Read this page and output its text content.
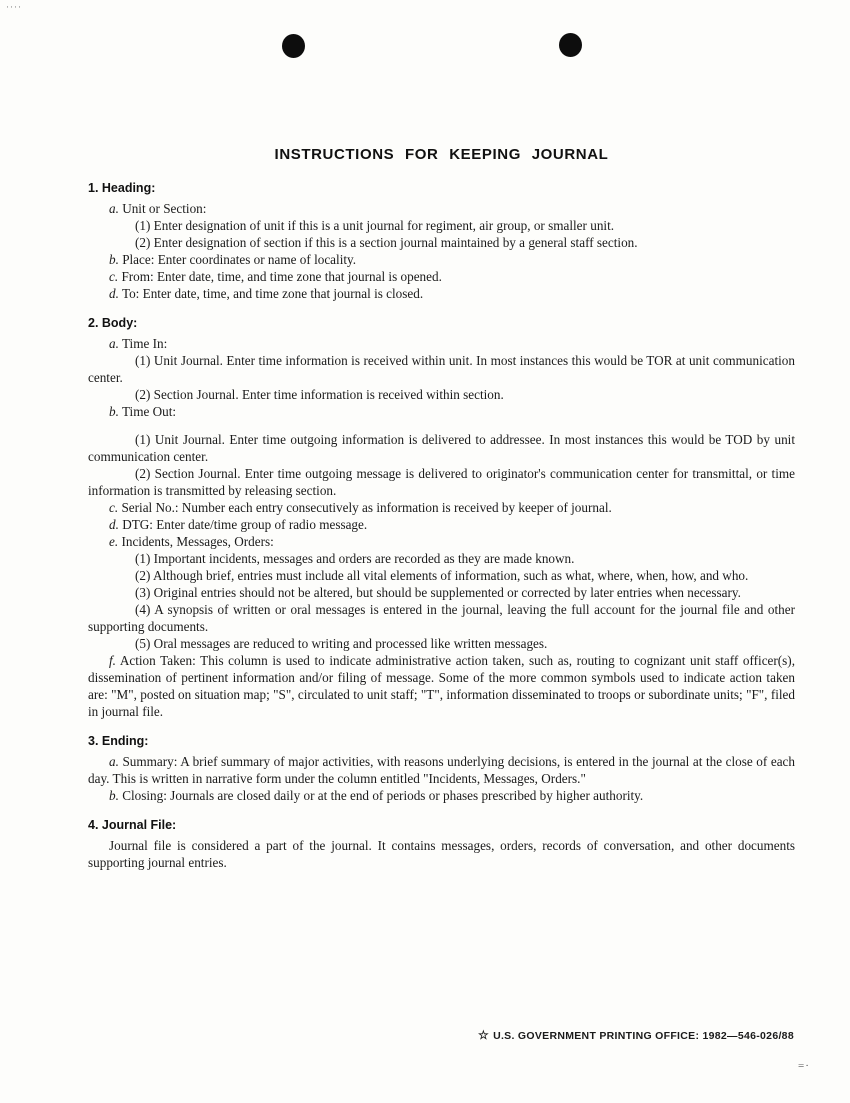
····
INSTRUCTIONS FOR KEEPING JOURNAL
1. Heading:

a. Unit or Section:

(1) Enter designation of unit if this is a unit journal for regiment, air group, or smaller unit.

(2) Enter designation of section if this is a section journal maintained by a general staff section.

b. Place: Enter coordinates or name of locality.

c. From: Enter date, time, and time zone that journal is opened.

d. To: Enter date, time, and time zone that journal is closed.

2. Body:

a. Time In:

(1) Unit Journal. Enter time information is received within unit. In most instances this would be TOR at unit communication center.

(2) Section Journal. Enter time information is received within section.

b. Time Out:

(1) Unit Journal. Enter time outgoing information is delivered to addressee. In most instances this would be TOD by unit communication center.

(2) Section Journal. Enter time outgoing message is delivered to originator's communication center for transmittal, or time information is transmitted by releasing section.

c. Serial No.: Number each entry consecutively as information is received by keeper of journal.

d. DTG: Enter date/time group of radio message.

e. Incidents, Messages, Orders:

(1) Important incidents, messages and orders are recorded as they are made known.

(2) Although brief, entries must include all vital elements of information, such as what, where, when, how, and who.

(3) Original entries should not be altered, but should be supplemented or corrected by later entries when necessary.

(4) A synopsis of written or oral messages is entered in the journal, leaving the full account for the journal file and other supporting documents.

(5) Oral messages are reduced to writing and processed like written messages.

f. Action Taken: This column is used to indicate administrative action taken, such as, routing to cognizant unit staff officer(s), dissemination of pertinent information and/or filing of message. Some of the more common symbols used to indicate action taken are: "M", posted on situation map; "S", circulated to unit staff; "T", information disseminated to troops or subordinate units; "F", filed in journal file.

3. Ending:

a. Summary: A brief summary of major activities, with reasons underlying decisions, is entered in the journal at the close of each day. This is written in narrative form under the column entitled "Incidents, Messages, Orders."

b. Closing: Journals are closed daily or at the end of periods or phases prescribed by higher authority.

4. Journal File:

Journal file is considered a part of the journal. It contains messages, orders, records of conversation, and other documents supporting journal entries.

☆ U.S. GOVERNMENT PRINTING OFFICE: 1982—546-026/88
=·
